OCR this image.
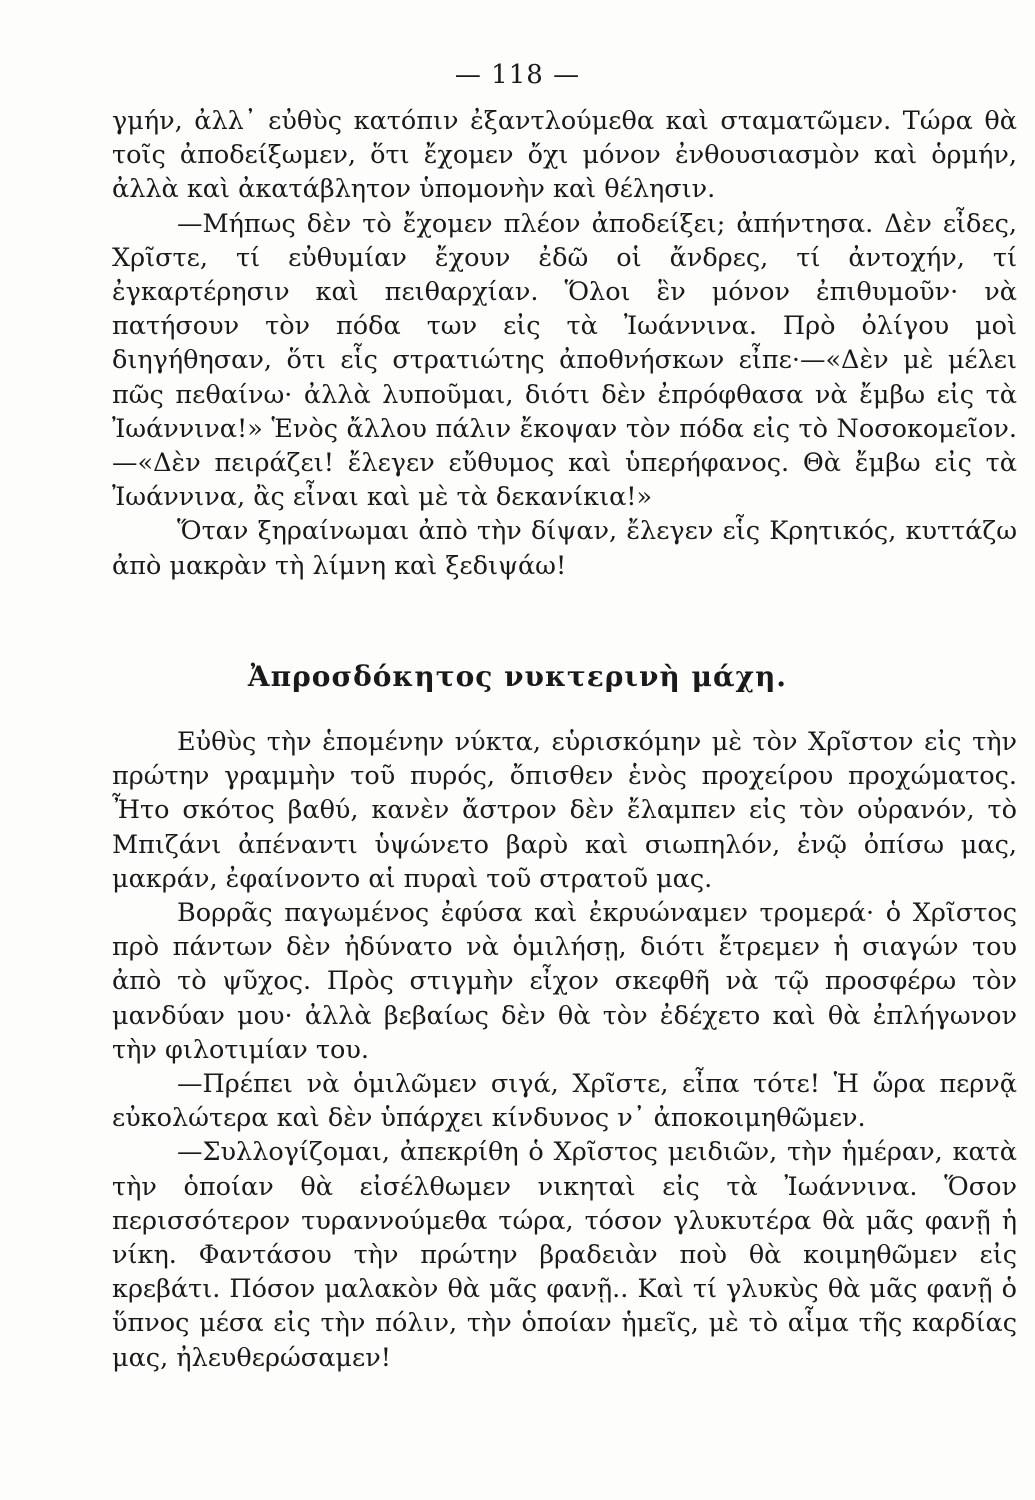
— 118 —

γμήν, ἀλλ᾽ εὐθὺς κατόπιν ἐξαντλούμεθα καὶ σταματῶμεν. Τώρα θὰ τοῖς ἀποδείξωμεν, ὅτι ἔχομεν ὄχι μόνον ἐνθουσιασμὸν καὶ ὁρμήν, ἀλλὰ καὶ ἀκατάβλητον ὑπομονὴν καὶ θέλησιν.

—Μήπως δὲν τὸ ἔχομεν πλέον ἀποδείξει; ἀπήντησα. Δὲν εἶδες, Χρῖστε, τί εὐθυμίαν ἔχουν ἐδῶ οἱ ἄνδρες, τί ἀντοχήν, τί ἐγκαρτέρησιν καὶ πειθαρχίαν. Ὅλοι ἓν μόνον ἐπιθυμοῦν· νὰ πατήσουν τὸν πόδα των εἰς τὰ Ἰωάννινα. Πρὸ ὀλίγου μοὶ διηγήθησαν, ὅτι εἷς στρατιώτης ἀποθνήσκων εἶπε·—«Δὲν μὲ μέλει πῶς πεθαίνω· ἀλλὰ λυποῦμαι, διότι δὲν ἐπρόφθασα νὰ ἔμβω εἰς τὰ Ἰωάννινα!» Ἑνὸς ἄλλου πάλιν ἔκοψαν τὸν πόδα εἰς τὸ Νοσοκομεῖον. —«Δὲν πειράζει! ἔλεγεν εὔθυμος καὶ ὑπερήφανος. Θὰ ἔμβω εἰς τὰ Ἰωάννινα, ἂς εἶναι καὶ μὲ τὰ δεκανίκια!»

Ὅταν ξηραίνωμαι ἀπὸ τὴν δίψαν, ἔλεγεν εἷς Κρητικός, κυττάζω ἀπὸ μακρὰν τὴ λίμνη καὶ ξεδιψάω!

Ἀπροσδόκητος νυκτερινὴ μάχη.

Εὐθὺς τὴν ἑπομένην νύκτα, εὑρισκόμην μὲ τὸν Χρῖστον εἰς τὴν πρώτην γραμμὴν τοῦ πυρός, ὄπισθεν ἑνὸς προχείρου προχώματος. Ἦτο σκότος βαθύ, κανὲν ἄστρον δὲν ἔλαμπεν εἰς τὸν οὐρανόν, τὸ Μπιζάνι ἀπέναντι ὑψώνετο βαρὺ καὶ σιωπηλόν, ἐνῷ ὀπίσω μας, μακράν, ἐφαίνοντο αἱ πυραὶ τοῦ στρατοῦ μας.

Βορρᾶς παγωμένος ἐφύσα καὶ ἐκρυώναμεν τρομερά· ὁ Χρῖστος πρὸ πάντων δὲν ἠδύνατο νὰ ὁμιλήσῃ, διότι ἔτρεμεν ἡ σιαγών του ἀπὸ τὸ ψῦχος. Πρὸς στιγμὴν εἶχον σκεφθῆ νὰ τῷ προσφέρω τὸν μανδύαν μου· ἀλλὰ βεβαίως δὲν θὰ τὸν ἐδέχετο καὶ θὰ ἐπλήγωνον τὴν φιλοτιμίαν του.

—Πρέπει νὰ ὁμιλῶμεν σιγά, Χρῖστε, εἶπα τότε! Ἡ ὥρα περνᾷ εὐκολώτερα καὶ δὲν ὑπάρχει κίνδυνος ν᾽ ἀποκοιμηθῶμεν.

—Συλλογίζομαι, ἀπεκρίθη ὁ Χρῖστος μειδιῶν, τὴν ἡμέραν, κατὰ τὴν ὁποίαν θὰ εἰσέλθωμεν νικηταὶ εἰς τὰ Ἰωάννινα. Ὅσον περισσότερον τυραννούμεθα τώρα, τόσον γλυκυτέρα θὰ μᾶς φανῇ ἡ νίκη. Φαντάσου τὴν πρώτην βραδειὰν ποὺ θὰ κοιμηθῶμεν εἰς κρεβάτι. Πόσον μαλακὸν θὰ μᾶς φανῇ.. Καὶ τί γλυκὺς θὰ μᾶς φανῇ ὁ ὕπνος μέσα εἰς τὴν πόλιν, τὴν ὁποίαν ἡμεῖς, μὲ τὸ αἷμα τῆς καρδίας μας, ἠλευθερώσαμεν!
